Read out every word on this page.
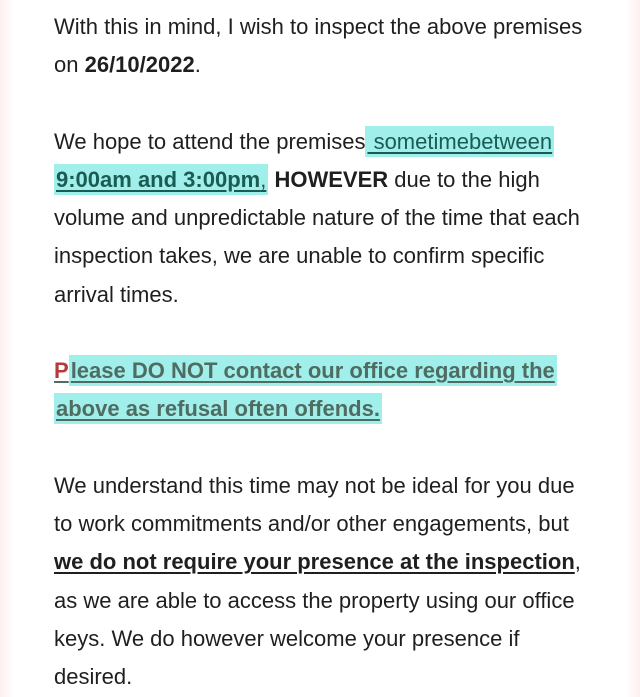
With this in mind, I wish to inspect the above premises on 26/10/2022.

We hope to attend the premises sometimebetween 9:00am and 3:00pm, HOWEVER due to the high volume and unpredictable nature of the time that each inspection takes, we are unable to confirm specific arrival times.

Please DO NOT contact our office regarding the above as refusal often offends.

We understand this time may not be ideal for you due to work commitments and/or other engagements, but we do not require your presence at the inspection, as we are able to access the property using our office keys. We do however welcome your presence if desired.
